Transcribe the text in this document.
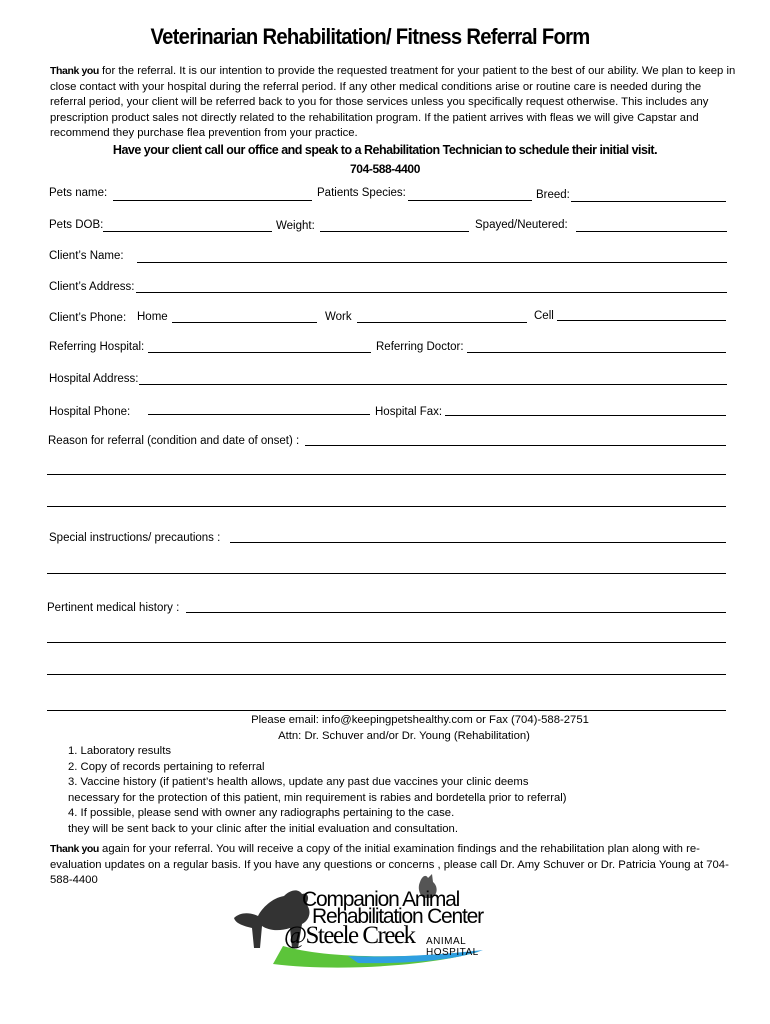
Veterinarian Rehabilitation/ Fitness Referral Form
Thank you for the referral. It is our intention to provide the requested treatment for your patient to the best of our ability. We plan to keep in close contact with your hospital during the referral period. If any other medical conditions arise or routine care is needed during the referral period, your client will be referred back to you for those services unless you specifically request otherwise. This includes any prescription product sales not directly related to the rehabilitation program. If the patient arrives with fleas we will give Capstar and recommend they purchase flea prevention from your practice.
Have your client call our office and speak to a Rehabilitation Technician to schedule their initial visit.
704-588-4400
Pets name:	Patients Species:	Breed:
Pets DOB:	Weight:	Spayed/Neutered:
Client’s Name:
Client’s Address:
Client’s Phone: Home	Work	Cell
Referring Hospital:	Referring Doctor:
Hospital Address:
Hospital Phone:	Hospital Fax:
Reason for referral (condition and date of onset) :
Special instructions/ precautions :
Pertinent medical history :
Please email: info@keepingpetshealthy.com or Fax (704)-588-2751
Attn: Dr. Schuver and/or Dr. Young (Rehabilitation)
1. Laboratory results
2. Copy of records pertaining to referral
3. Vaccine history (if patient’s health allows, update any past due vaccines your clinic deems
necessary for the protection of this patient, min requirement is rabies and bordetella prior to referral)
4. If possible, please send with owner any radiographs pertaining to the case.
they will be sent back to your clinic after the initial evaluation and consultation.
Thank you again for your referral. You will receive a copy of the initial examination findings and the rehabilitation plan along with re-evaluation updates on a regular basis. If you have any questions or concerns , please call Dr. Amy Schuver or Dr. Patricia Young at 704-588-4400
Companion Animal
Rehabilitation Center
@Steele Creek ANIMAL HOSPITAL
